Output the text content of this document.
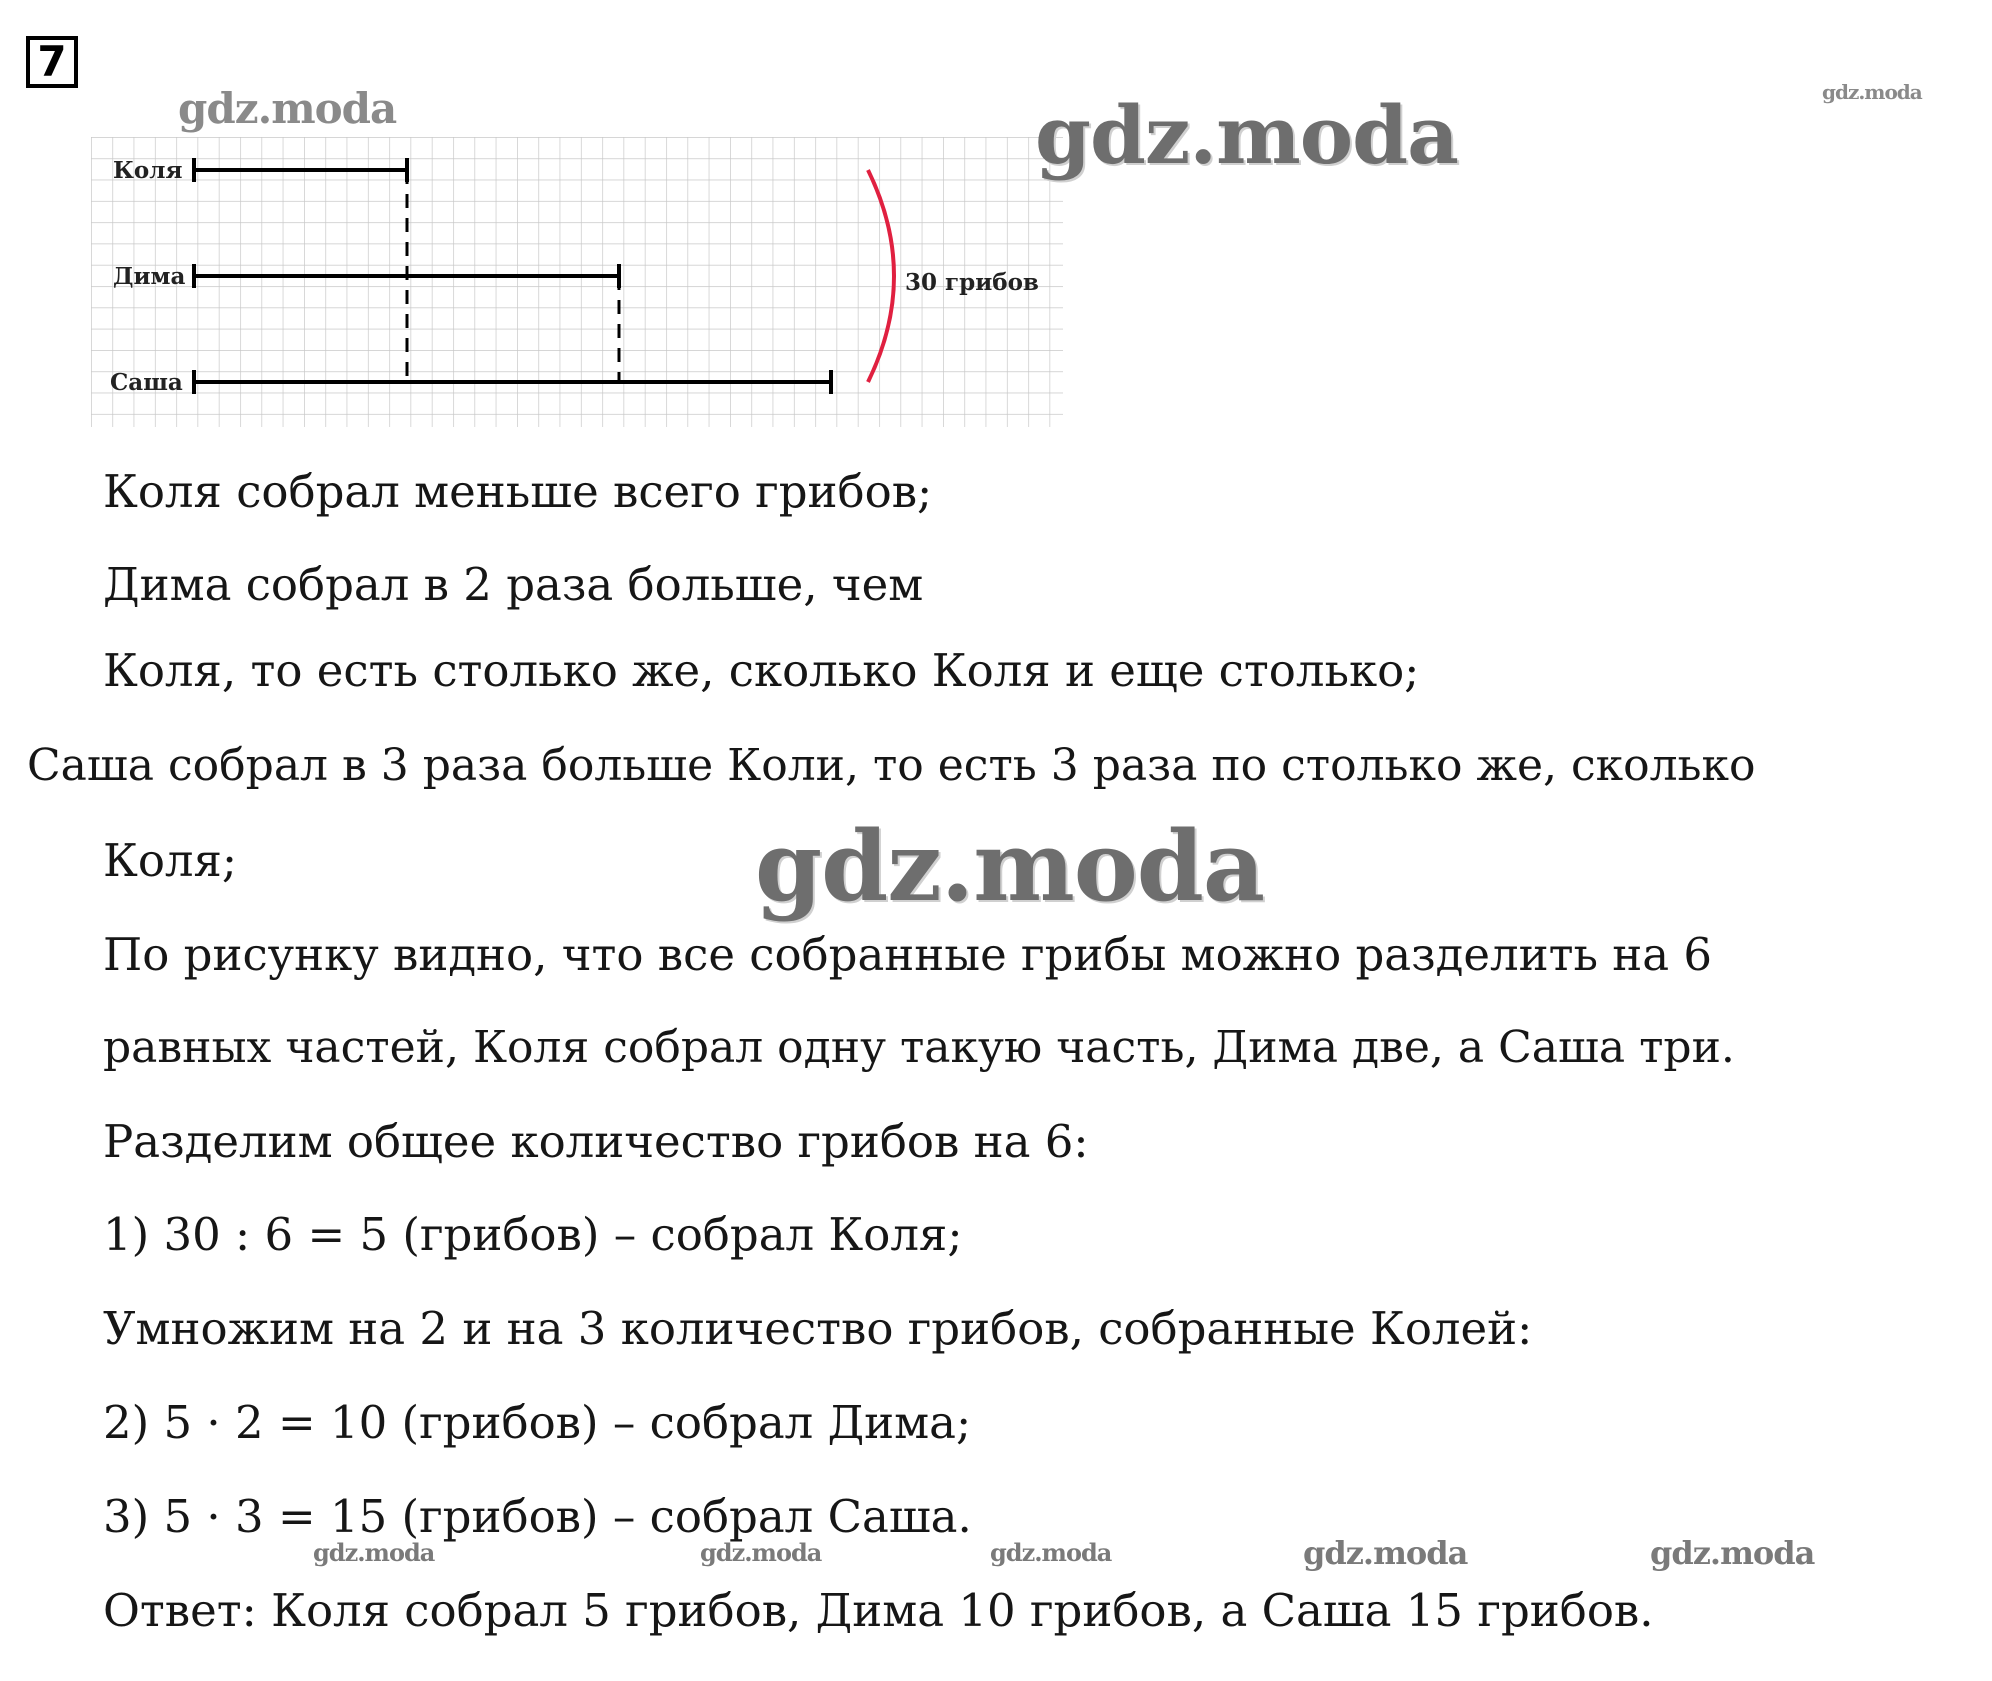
7
Коля
Дима
Саша
30 грибов
Коля собрал меньше всего грибов;
Дима собрал в 2 раза больше, чем
Коля, то есть столько же, сколько Коля и еще столько;
Саша собрал в 3 раза больше Коли, то есть 3 раза по столько же, сколько
Коля;
По рисунку видно, что все собранные грибы можно разделить на 6
равных частей, Коля собрал одну такую часть, Дима две, а Саша три.
Разделим общее количество грибов на 6:
1) 30 : 6 = 5 (грибов) – собрал Коля;
Умножим на 2 и на 3 количество грибов, собранные Колей:
2) 5 · 2 = 10 (грибов) – собрал Дима;
3) 5 · 3 = 15 (грибов) – собрал Саша.
Ответ: Коля собрал 5 грибов, Дима 10 грибов, а Саша 15 грибов.
gdz.moda	gdz.moda	gdz.moda
gdz.moda
gdz.moda	gdz.moda	gdz.moda	gdz.moda	gdz.moda
